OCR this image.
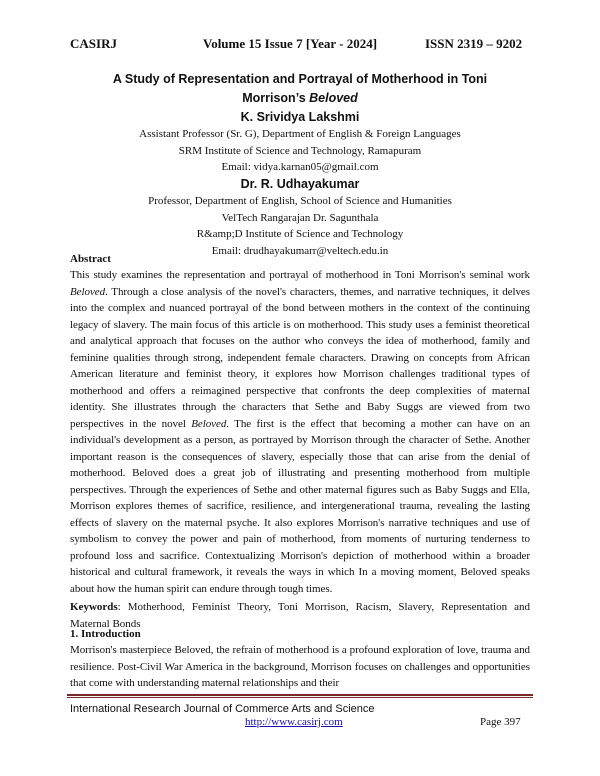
CASIRJ	Volume 15 Issue 7 [Year - 2024]	ISSN 2319 – 9202
A Study of Representation and Portrayal of Motherhood in Toni
Morrison’s Beloved
K. Srividya Lakshmi
Assistant Professor (Sr. G), Department of English & Foreign Languages
SRM Institute of Science and Technology, Ramapuram
Email: vidya.karnan05@gmail.com
Dr. R. Udhayakumar
Professor, Department of English, School of Science and Humanities
VelTech Rangarajan Dr. Sagunthala
R&amp;D Institute of Science and Technology
Email: drudhayakumarr@veltech.edu.in
Abstract
This study examines the representation and portrayal of motherhood in Toni Morrison's seminal work Beloved. Through a close analysis of the novel's characters, themes, and narrative techniques, it delves into the complex and nuanced portrayal of the bond between mothers in the context of the continuing legacy of slavery. The main focus of this article is on motherhood. This study uses a feminist theoretical and analytical approach that focuses on the author who conveys the idea of motherhood, family and feminine qualities through strong, independent female characters. Drawing on concepts from African American literature and feminist theory, it explores how Morrison challenges traditional types of motherhood and offers a reimagined perspective that confronts the deep complexities of maternal identity. She illustrates through the characters that Sethe and Baby Suggs are viewed from two perspectives in the novel Beloved. The first is the effect that becoming a mother can have on an individual's development as a person, as portrayed by Morrison through the character of Sethe. Another important reason is the consequences of slavery, especially those that can arise from the denial of motherhood. Beloved does a great job of illustrating and presenting motherhood from multiple perspectives. Through the experiences of Sethe and other maternal figures such as Baby Suggs and Ella, Morrison explores themes of sacrifice, resilience, and intergenerational trauma, revealing the lasting effects of slavery on the maternal psyche. It also explores Morrison's narrative techniques and use of symbolism to convey the power and pain of motherhood, from moments of nurturing tenderness to profound loss and sacrifice. Contextualizing Morrison's depiction of motherhood within a broader historical and cultural framework, it reveals the ways in which In a moving moment, Beloved speaks about how the human spirit can endure through tough times.
Keywords: Motherhood, Feminist Theory, Toni Morrison, Racism, Slavery, Representation and Maternal Bonds
1. Introduction
Morrison's masterpiece Beloved, the refrain of motherhood is a profound exploration of love, trauma and resilience. Post-Civil War America in the background, Morrison focuses on challenges and opportunities that come with understanding maternal relationships and their
International Research Journal of Commerce Arts and Science
http://www.casirj.com	Page 397
